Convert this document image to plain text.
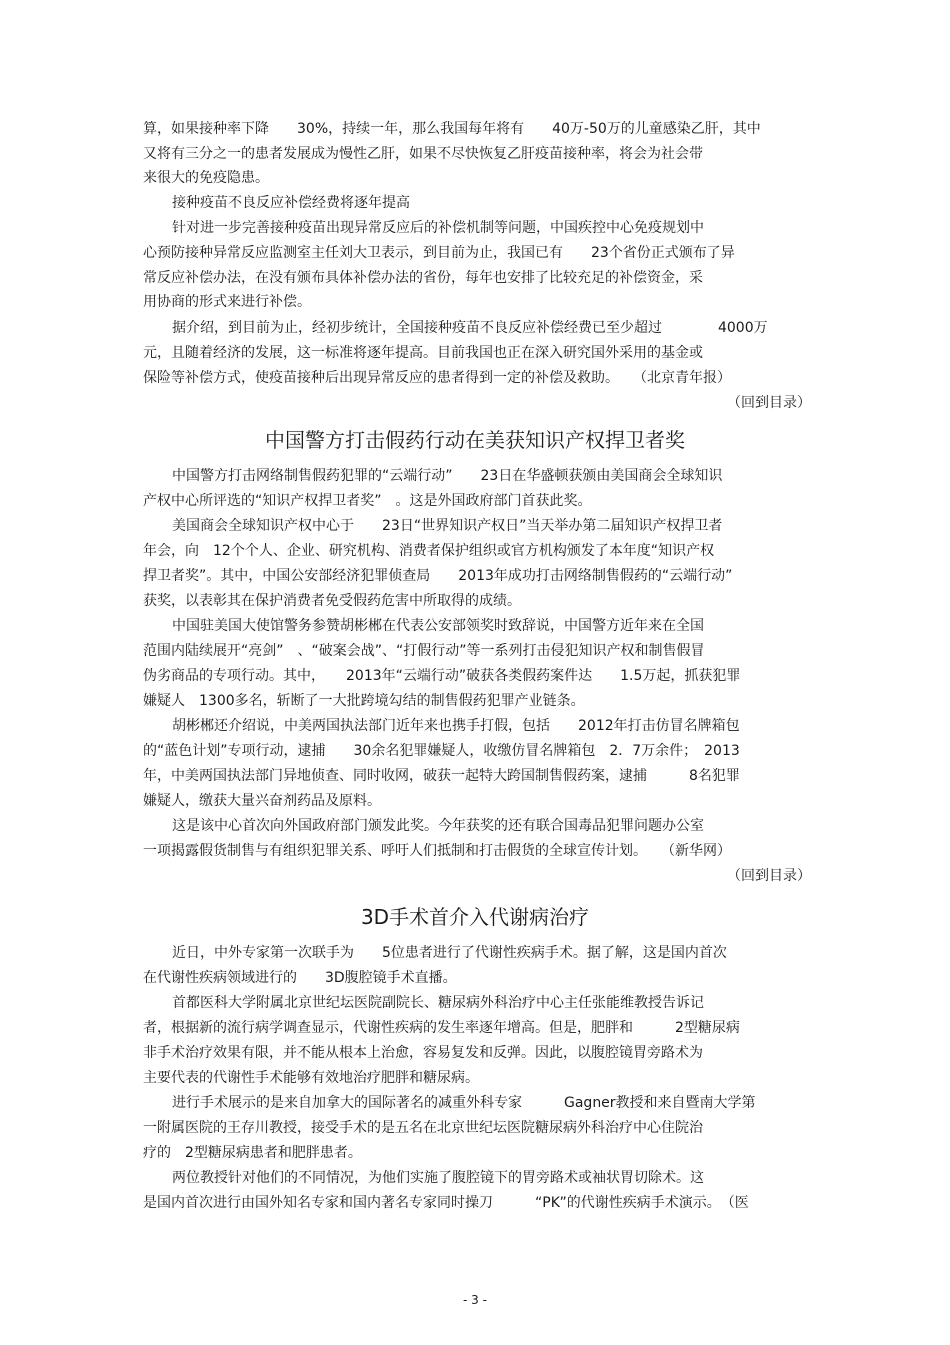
算，如果接种率下降　　30%，持续一年，那么我国每年将有　　40万-50万的儿童感染乙肝，其中
又将有三分之一的患者发展成为慢性乙肝，如果不尽快恢复乙肝疫苗接种率，将会为社会带
来很大的免疫隐患。
接种疫苗不良反应补偿经费将逐年提高
针对进一步完善接种疫苗出现异常反应后的补偿机制等问题，中国疾控中心免疫规划中
心预防接种异常反应监测室主任刘大卫表示，到目前为止，我国已有　　23个省份正式颁布了异
常反应补偿办法，在没有颁布具体补偿办法的省份，每年也安排了比较充足的补偿资金，采
用协商的形式来进行补偿。
据介绍，到目前为止，经初步统计，全国接种疫苗不良反应补偿经费已至少超过　　　　4000万
元，且随着经济的发展，这一标准将逐年提高。目前我国也正在深入研究国外采用的基金或
保险等补偿方式，使疫苗接种后出现异常反应的患者得到一定的补偿及救助。　　（北京青年报）
（回到目录）
中国警方打击假药行动在美获知识产权捍卫者奖
中国警方打击网络制售假药犯罪的“云端行动”　　23日在华盛顿获颁由美国商会全球知识
产权中心所评选的“知识产权捍卫者奖”　。这是外国政府部门首获此奖。
美国商会全球知识产权中心于　　23日“世界知识产权日”当天举办第二届知识产权捍卫者
年会，向　12个个人、企业、研究机构、消费者保护组织或官方机构颁发了本年度“知识产权
捍卫者奖”。其中，中国公安部经济犯罪侦查局　　2013年成功打击网络制售假药的“云端行动”
获奖，以表彰其在保护消费者免受假药危害中所取得的成绩。
中国驻美国大使馆警务参赞胡彬郴在代表公安部领奖时致辞说，中国警方近年来在全国
范围内陆续展开“亮剑”　、“破案会战”、“打假行动”等一系列打击侵犯知识产权和制售假冒
伪劣商品的专项行动。其中，　　2013年“云端行动”破获各类假药案件达　　1.5万起，抓获犯罪
嫌疑人　1300多名，斩断了一大批跨境勾结的制售假药犯罪产业链条。
胡彬郴还介绍说，中美两国执法部门近年来也携手打假，包括　　2012年打击仿冒名牌箱包
的“蓝色计划”专项行动，逮捕　　30余名犯罪嫌疑人，收缴仿冒名牌箱包　2．7万余件；　2013
年，中美两国执法部门异地侦查、同时收网，破获一起特大跨国制售假药案，逮捕　　　8名犯罪
嫌疑人，缴获大量兴奋剂药品及原料。
这是该中心首次向外国政府部门颁发此奖。今年获奖的还有联合国毒品犯罪问题办公室
一项揭露假货制售与有组织犯罪关系、呼吁人们抵制和打击假货的全球宣传计划。　　（新华网）
（回到目录）
3D手术首介入代谢病治疗
近日，中外专家第一次联手为　　5位患者进行了代谢性疾病手术。据了解，这是国内首次
在代谢性疾病领域进行的　　3D腹腔镜手术直播。
首都医科大学附属北京世纪坛医院副院长、糖尿病外科治疗中心主任张能维教授告诉记
者，根据新的流行病学调查显示，代谢性疾病的发生率逐年增高。但是，肥胖和　　　2型糖尿病
非手术治疗效果有限，并不能从根本上治愈，容易复发和反弹。因此，以腹腔镜胃旁路术为
主要代表的代谢性手术能够有效地治疗肥胖和糖尿病。
进行手术展示的是来自加拿大的国际著名的减重外科专家　　　Gagner教授和来自暨南大学第
一附属医院的王存川教授，接受手术的是五名在北京世纪坛医院糖尿病外科治疗中心住院治
疗的　2型糖尿病患者和肥胖患者。
两位教授针对他们的不同情况，为他们实施了腹腔镜下的胃旁路术或袖状胃切除术。这
是国内首次进行由国外知名专家和国内著名专家同时操刀　　　“PK”的代谢性疾病手术演示。　（医
- 3 -
